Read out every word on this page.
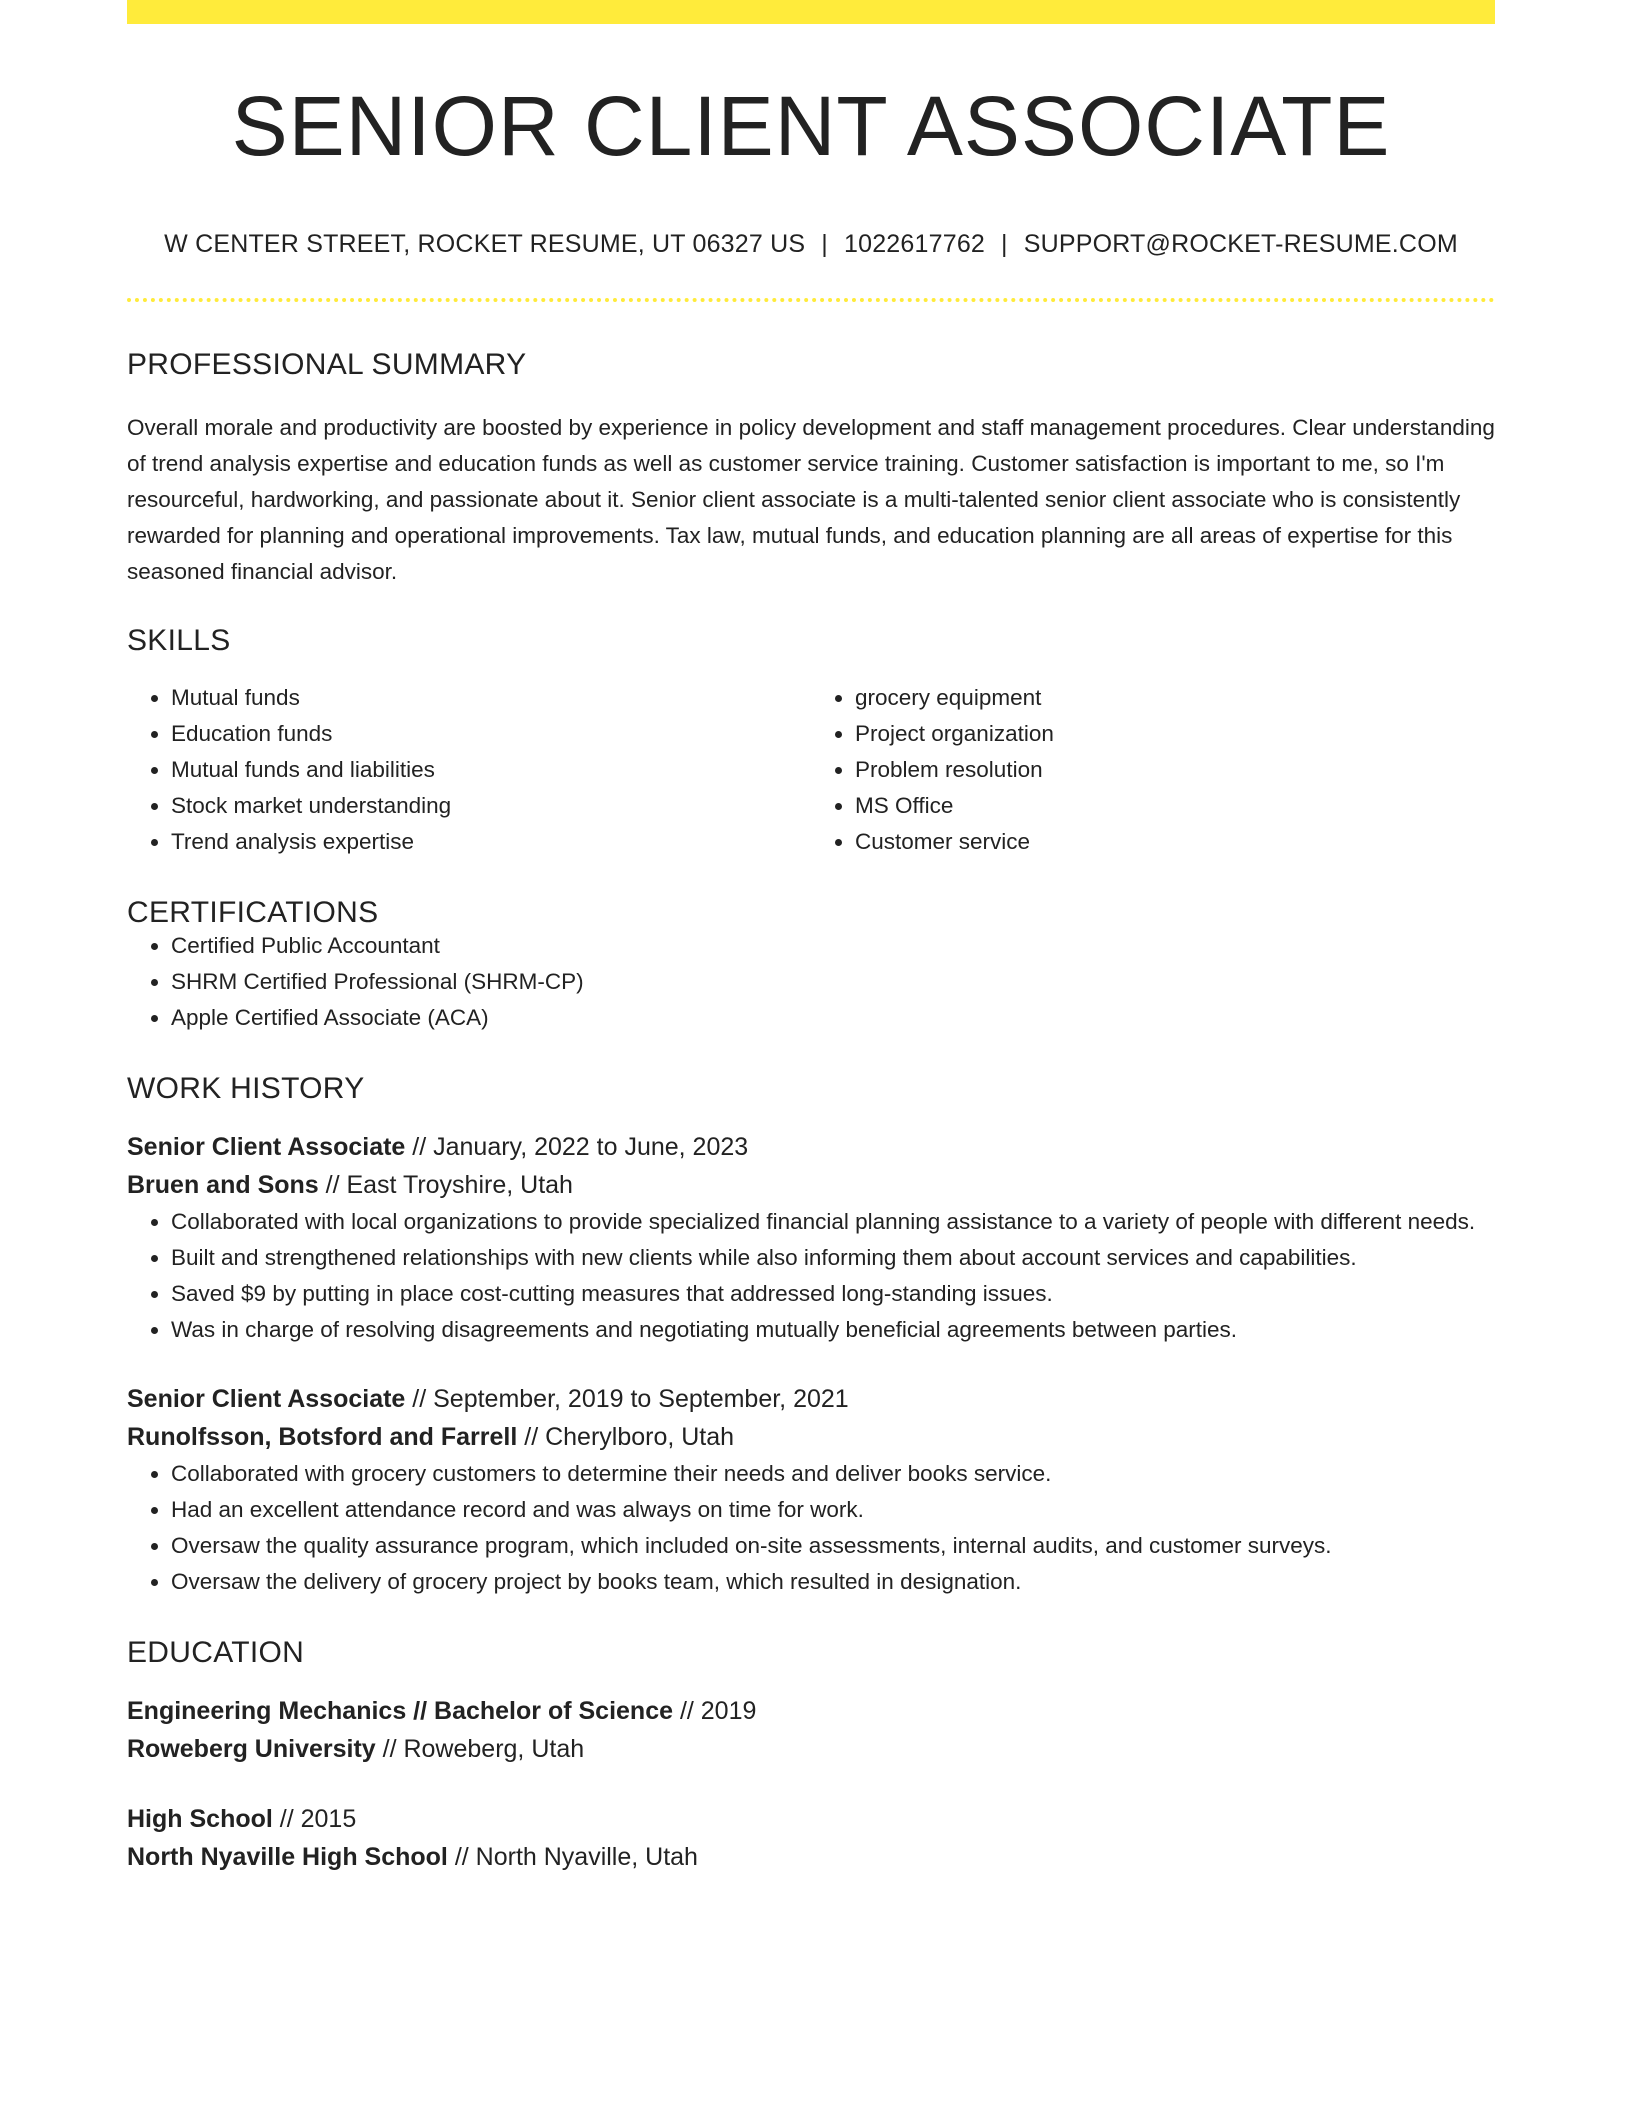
SENIOR CLIENT ASSOCIATE
W CENTER STREET, ROCKET RESUME, UT 06327 US | 1022617762 | SUPPORT@ROCKET-RESUME.COM
PROFESSIONAL SUMMARY

Overall morale and productivity are boosted by experience in policy development and staff management procedures. Clear understanding of trend analysis expertise and education funds as well as customer service training. Customer satisfaction is important to me, so I'm resourceful, hardworking, and passionate about it. Senior client associate is a multi-talented senior client associate who is consistently rewarded for planning and operational improvements. Tax law, mutual funds, and education planning are all areas of expertise for this seasoned financial advisor.

SKILLS
• Mutual funds
• Education funds
• Mutual funds and liabilities
• Stock market understanding
• Trend analysis expertise
• grocery equipment
• Project organization
• Problem resolution
• MS Office
• Customer service
CERTIFICATIONS
• Certified Public Accountant
• SHRM Certified Professional (SHRM-CP)
• Apple Certified Associate (ACA)
WORK HISTORY
Senior Client Associate // January, 2022 to June, 2023
Bruen and Sons // East Troyshire, Utah
• Collaborated with local organizations to provide specialized financial planning assistance to a variety of people with different needs.
• Built and strengthened relationships with new clients while also informing them about account services and capabilities.
• Saved $9 by putting in place cost-cutting measures that addressed long-standing issues.
• Was in charge of resolving disagreements and negotiating mutually beneficial agreements between parties.
Senior Client Associate // September, 2019 to September, 2021
Runolfsson, Botsford and Farrell // Cherylboro, Utah
• Collaborated with grocery customers to determine their needs and deliver books service.
• Had an excellent attendance record and was always on time for work.
• Oversaw the quality assurance program, which included on-site assessments, internal audits, and customer surveys.
• Oversaw the delivery of grocery project by books team, which resulted in designation.
EDUCATION
Engineering Mechanics // Bachelor of Science // 2019
Roweberg University // Roweberg, Utah
High School // 2015
North Nyaville High School // North Nyaville, Utah
